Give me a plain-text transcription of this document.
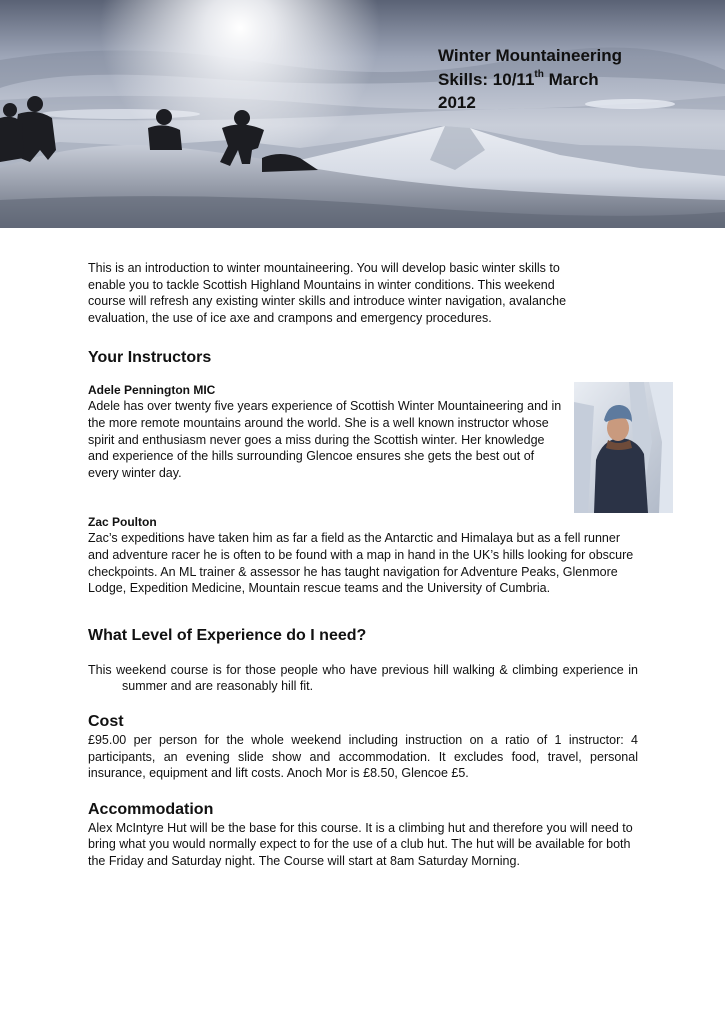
Winter Mountaineering
Skills: 10/11th March
2012

This is an introduction to winter mountaineering. You will develop basic winter skills to enable you to tackle Scottish Highland Mountains in winter conditions. This weekend course will refresh any existing winter skills and introduce winter navigation, avalanche evaluation, the use of ice axe and crampons and emergency procedures.

Your Instructors
Adele Pennington MIC

Adele has over twenty five years experience of Scottish Winter Mountaineering and in the more remote mountains around the world. She is a well known instructor whose spirit and enthusiasm never goes a miss during the Scottish winter. Her knowledge and experience of the hills surrounding Glencoe ensures she gets the best out of every winter day.

Zac Poulton

Zac’s expeditions have taken him as far a field as the Antarctic and Himalaya but as a fell runner and adventure racer he is often to be found with a map in hand in the UK’s hills looking for obscure checkpoints. An ML trainer & assessor he has taught navigation for Adventure Peaks, Glenmore Lodge, Expedition Medicine, Mountain rescue teams and the University of Cumbria.

What Level of Experience do I need?

This weekend course is for those people who have previous hill walking & climbing experience in summer and are reasonably hill fit.

Cost

£95.00 per person for the whole weekend including instruction on a ratio of 1 instructor: 4 participants, an evening slide show and accommodation. It excludes food, travel, personal insurance, equipment and lift costs. Anoch Mor is £8.50, Glencoe £5.

Accommodation

Alex McIntyre Hut will be the base for this course. It is a climbing hut and therefore you will need to bring what you would normally expect to for the use of a club hut. The hut will be available for both the Friday and Saturday night. The Course will start at 8am Saturday Morning.
